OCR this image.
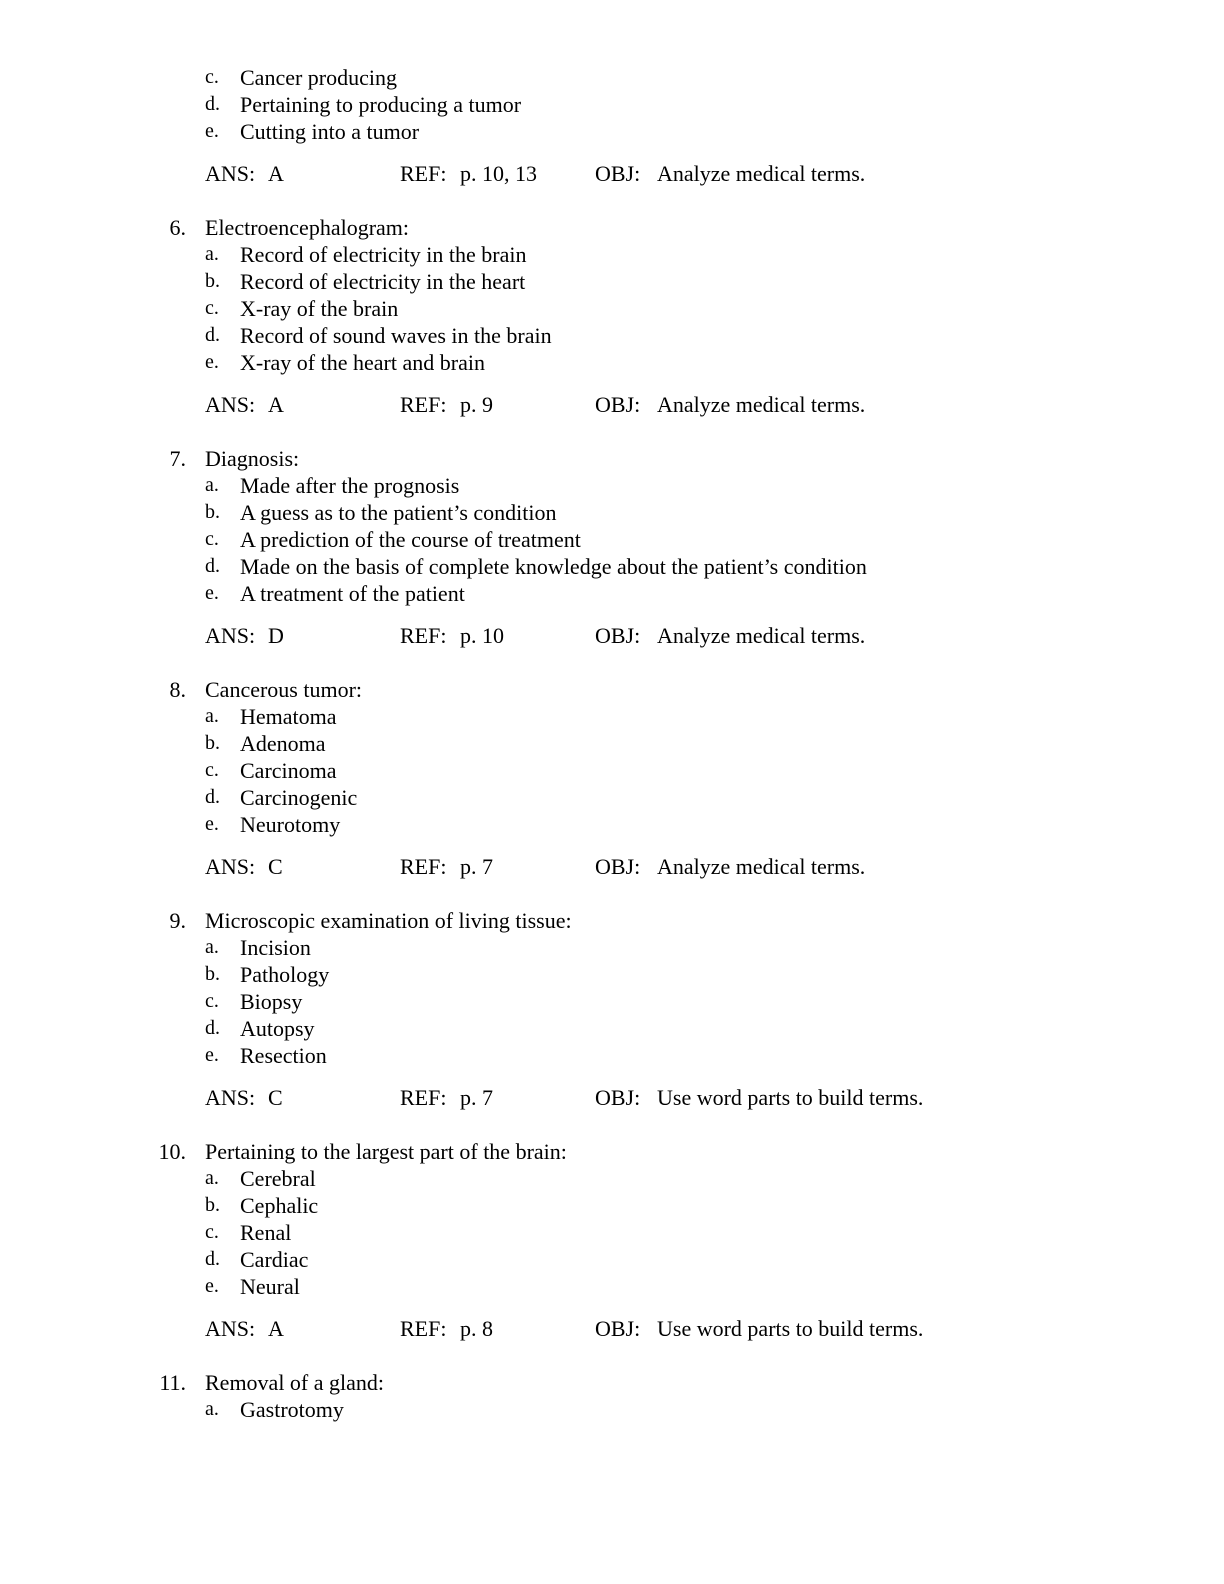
c. Cancer producing
d. Pertaining to producing a tumor
e. Cutting into a tumor
ANS: A	REF: p. 10, 13	OBJ: Analyze medical terms.
6. Electroencephalogram:
a. Record of electricity in the brain
b. Record of electricity in the heart
c. X-ray of the brain
d. Record of sound waves in the brain
e. X-ray of the heart and brain
ANS: A	REF: p. 9	OBJ: Analyze medical terms.
7. Diagnosis:
a. Made after the prognosis
b. A guess as to the patient’s condition
c. A prediction of the course of treatment
d. Made on the basis of complete knowledge about the patient’s condition
e. A treatment of the patient
ANS: D	REF: p. 10	OBJ: Analyze medical terms.
8. Cancerous tumor:
a. Hematoma
b. Adenoma
c. Carcinoma
d. Carcinogenic
e. Neurotomy
ANS: C	REF: p. 7	OBJ: Analyze medical terms.
9. Microscopic examination of living tissue:
a. Incision
b. Pathology
c. Biopsy
d. Autopsy
e. Resection
ANS: C	REF: p. 7	OBJ: Use word parts to build terms.
10. Pertaining to the largest part of the brain:
a. Cerebral
b. Cephalic
c. Renal
d. Cardiac
e. Neural
ANS: A	REF: p. 8	OBJ: Use word parts to build terms.
11. Removal of a gland:
a. Gastrotomy
